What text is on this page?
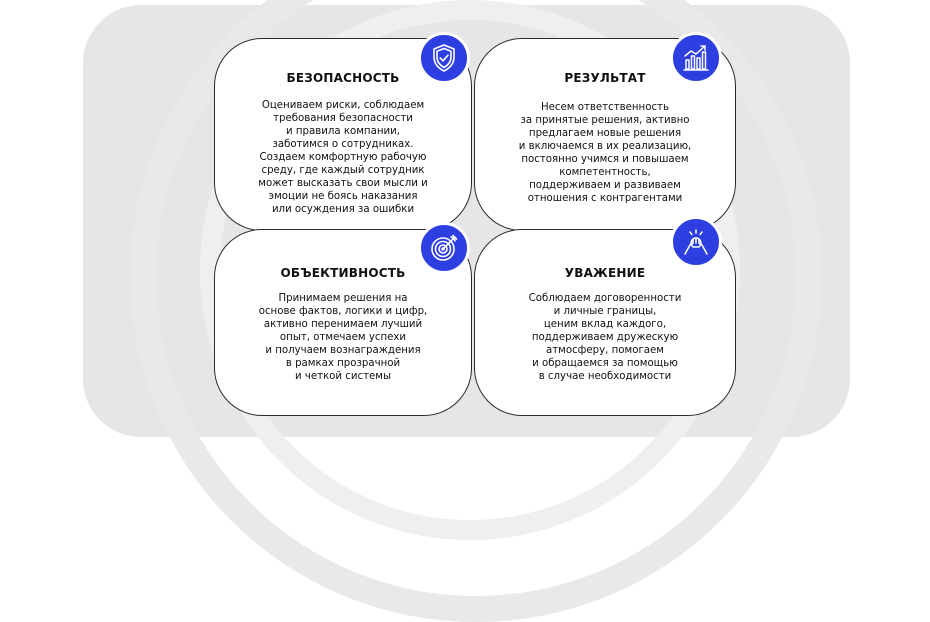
БЕЗОПАСНОСТЬ
Оцениваем риски, соблюдаем
требования безопасности
и правила компании,
заботимся о сотрудниках.
Создаем комфортную рабочую
среду, где каждый сотрудник
может высказать свои мысли и
эмоции не боясь наказания
или осуждения за ошибки
РЕЗУЛЬТАТ
Несем ответственность
за принятые решения, активно
предлагаем новые решения
и включаемся в их реализацию,
постоянно учимся и повышаем
компетентность,
поддерживаем и развиваем
отношения с контрагентами
ОБЪЕКТИВНОСТЬ
Принимаем решения на
основе фактов, логики и цифр,
активно перенимаем лучший
опыт, отмечаем успехи
и получаем вознаграждения
в рамках прозрачной
и четкой системы
УВАЖЕНИЕ
Соблюдаем договоренности
и личные границы,
ценим вклад каждого,
поддерживаем дружескую
атмосферу, помогаем
и обращаемся за помощью
в случае необходимости
